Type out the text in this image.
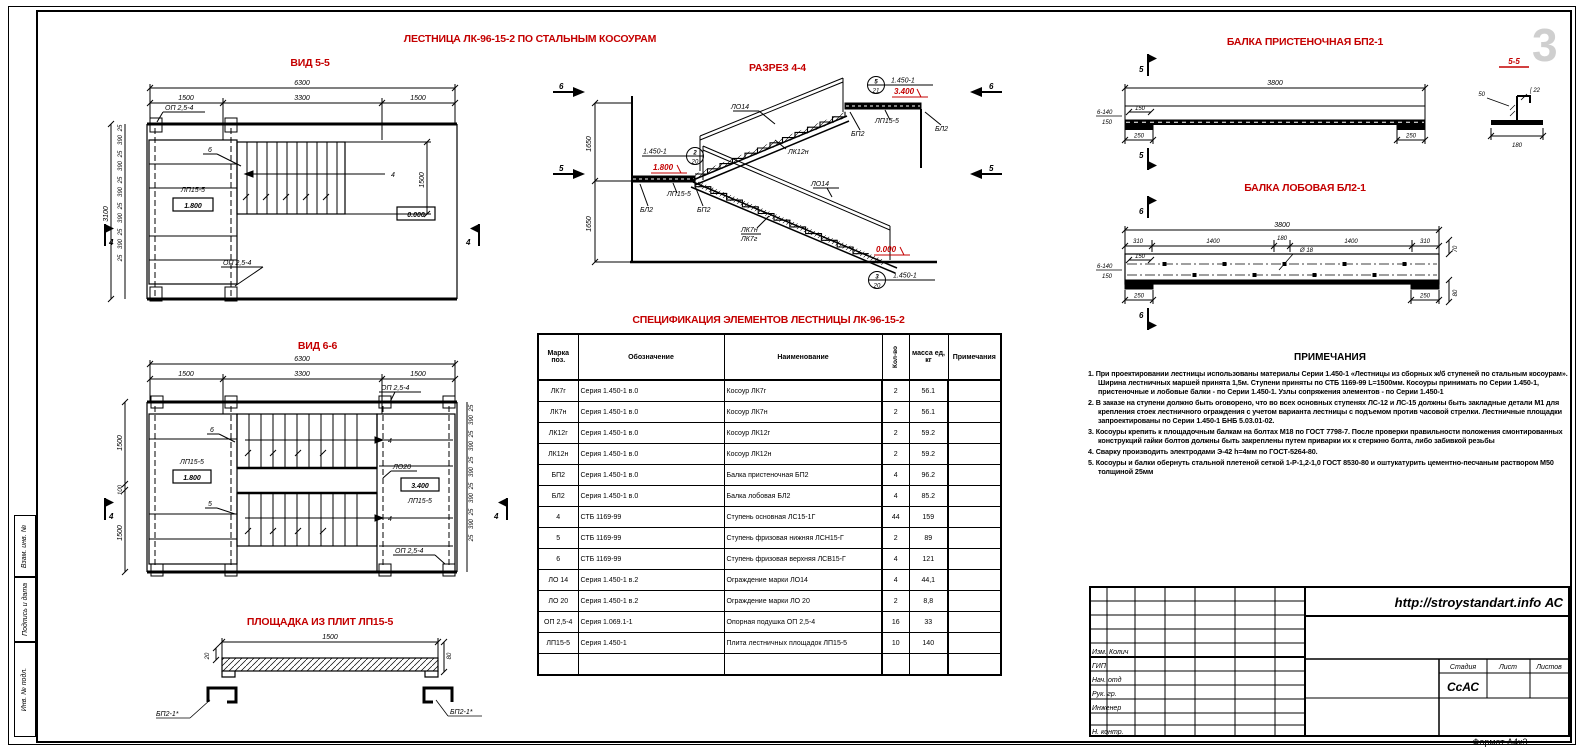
Взам. инв. №
Подпись и дата
Инв. № подл.
ЛЕСТНИЦА ЛК-96-15-2 ПО СТАЛЬНЫМ КОСОУРАМ
ВИД 5-5	РАЗРЕЗ 4-4
БАЛКА ПРИСТЕНОЧНАЯ БП2-1
БАЛКА ЛОБОВАЯ БЛ2-1
ВИД 6-6
СПЕЦИФИКАЦИЯ ЭЛЕМЕНТОВ ЛЕСТНИЦЫ ЛК-96-15-2
ПЛОЩАДКА ИЗ ПЛИТ ЛП15-5
3
Формат А4х3
6300
1500	3300	1500
3100
25
390
25
390
25
390
25
390
25
390
25
4
6
ОП 2,5-4
ОП 2,5-4
ЛП15-5
1.800
0.000
1500
4	4
6300
1500	3300	1500
1500
100
1500
25
390
25
390
25
390
25
390
25
390
25
ОП 2,5-4
ОП 2,5-4
ЛО20
3.400
ЛП15-5
ЛП15-5
1.800
6
5
4
4
4	4
6
5
6
5
1650
1650
ЛО14
ЛК12н
ЛО14
ЛК7н
ЛК7г
БЛ2
ЛП15-5
БП2
ЛП15-5
БП2
БЛ2
3.400
1.800
0.000
5
21
1.450-1
2
20
1.450-1
3
20
1.450-1
5
5
3800
150
6-140
150
250	250
5-5
50
[ 22
180
6
6
3800
310	1400	180	1400	310
Ø 18
150
6-140
150
250	250
70
80
1500
20	80
БП2-1*	БП2-1*
Марка поз.	Обозначение	Наименование	Кол-во	масса ед, кг	Примечания
ЛК7г	Серия 1.450-1 в.0	Косоур ЛК7г	2	56.1	
ЛК7н	Серия 1.450-1 в.0	Косоур ЛК7н	2	56.1	
ЛК12г	Серия 1.450-1 в.0	Косоур ЛК12г	2	59.2	
ЛК12н	Серия 1.450-1 в.0	Косоур ЛК12н	2	59.2	
БП2	Серия 1.450-1 в.0	Балка пристеночная БП2	4	96.2	
БЛ2	Серия 1.450-1 в.0	Балка лобовая БЛ2	4	85.2	
4	СТБ 1169-99	Ступень основная ЛС15-1Г	44	159	
5	СТБ 1169-99	Ступень фризовая нижняя ЛСН15-Г	2	89	
6	СТБ 1169-99	Ступень фризовая верхняя ЛСВ15-Г	4	121	
ЛО 14	Серия 1.450-1 в.2	Ограждение марки ЛО14	4	44,1	
ЛО 20	Серия 1.450-1 в.2	Ограждение марки ЛО 20	2	8,8	
ОП 2,5-4	Серия 1.069.1-1	Опорная подушка ОП 2,5-4	16	33	
ЛП15-5	Серия 1.450-1	Плита лестничных площадок ЛП15-5	10	140	

ПРИМЕЧАНИЯ
1. При проектировании лестницы использованы материалы Серии 1.450-1 «Лестницы из сборных ж/б ступеней по стальным косоурам». Ширина лестничных маршей принята 1,5м. Ступени приняты по СТБ 1169-99 L=1500мм. Косоуры принимать по Серии 1.450-1, пристеночные и лобовые балки - по Серии 1.450-1. Узлы сопряжения элементов - по Серии 1.450-1
2. В заказе на ступени должно быть оговорено, что во всех основных ступенях ЛС-12 и ЛС-15 должны быть закладные детали М1 для крепления стоек лестничного ограждения с учетом варианта лестницы с подъемом против часовой стрелки. Лестничные площадки запроектированы по Серии 1.450-1 БНБ 5.03.01-02.
3. Косоуры крепить к площадочным балкам на болтах М18 по ГОСТ 7798-7. После проверки правильности положения смонтированных конструкций гайки болтов должны быть закреплены путем приварки их к стержню болта, либо забивкой резьбы
4. Сварку производить электродами Э-42 h=4мм по ГОСТ-5264-80.
5. Косоуры и балки обернуть стальной плетеной сеткой 1-Р-1,2-1,0 ГОСТ 8530-80 и оштукатурить цементно-песчаным раствором М50 толщиной 25мм
Изм. Колич
ГИП
Нач. отд
Рук. гр.
Инженер
Н. контр.
http://stroystandart.info АС
Стадия	Лист	Листов
СсАС
